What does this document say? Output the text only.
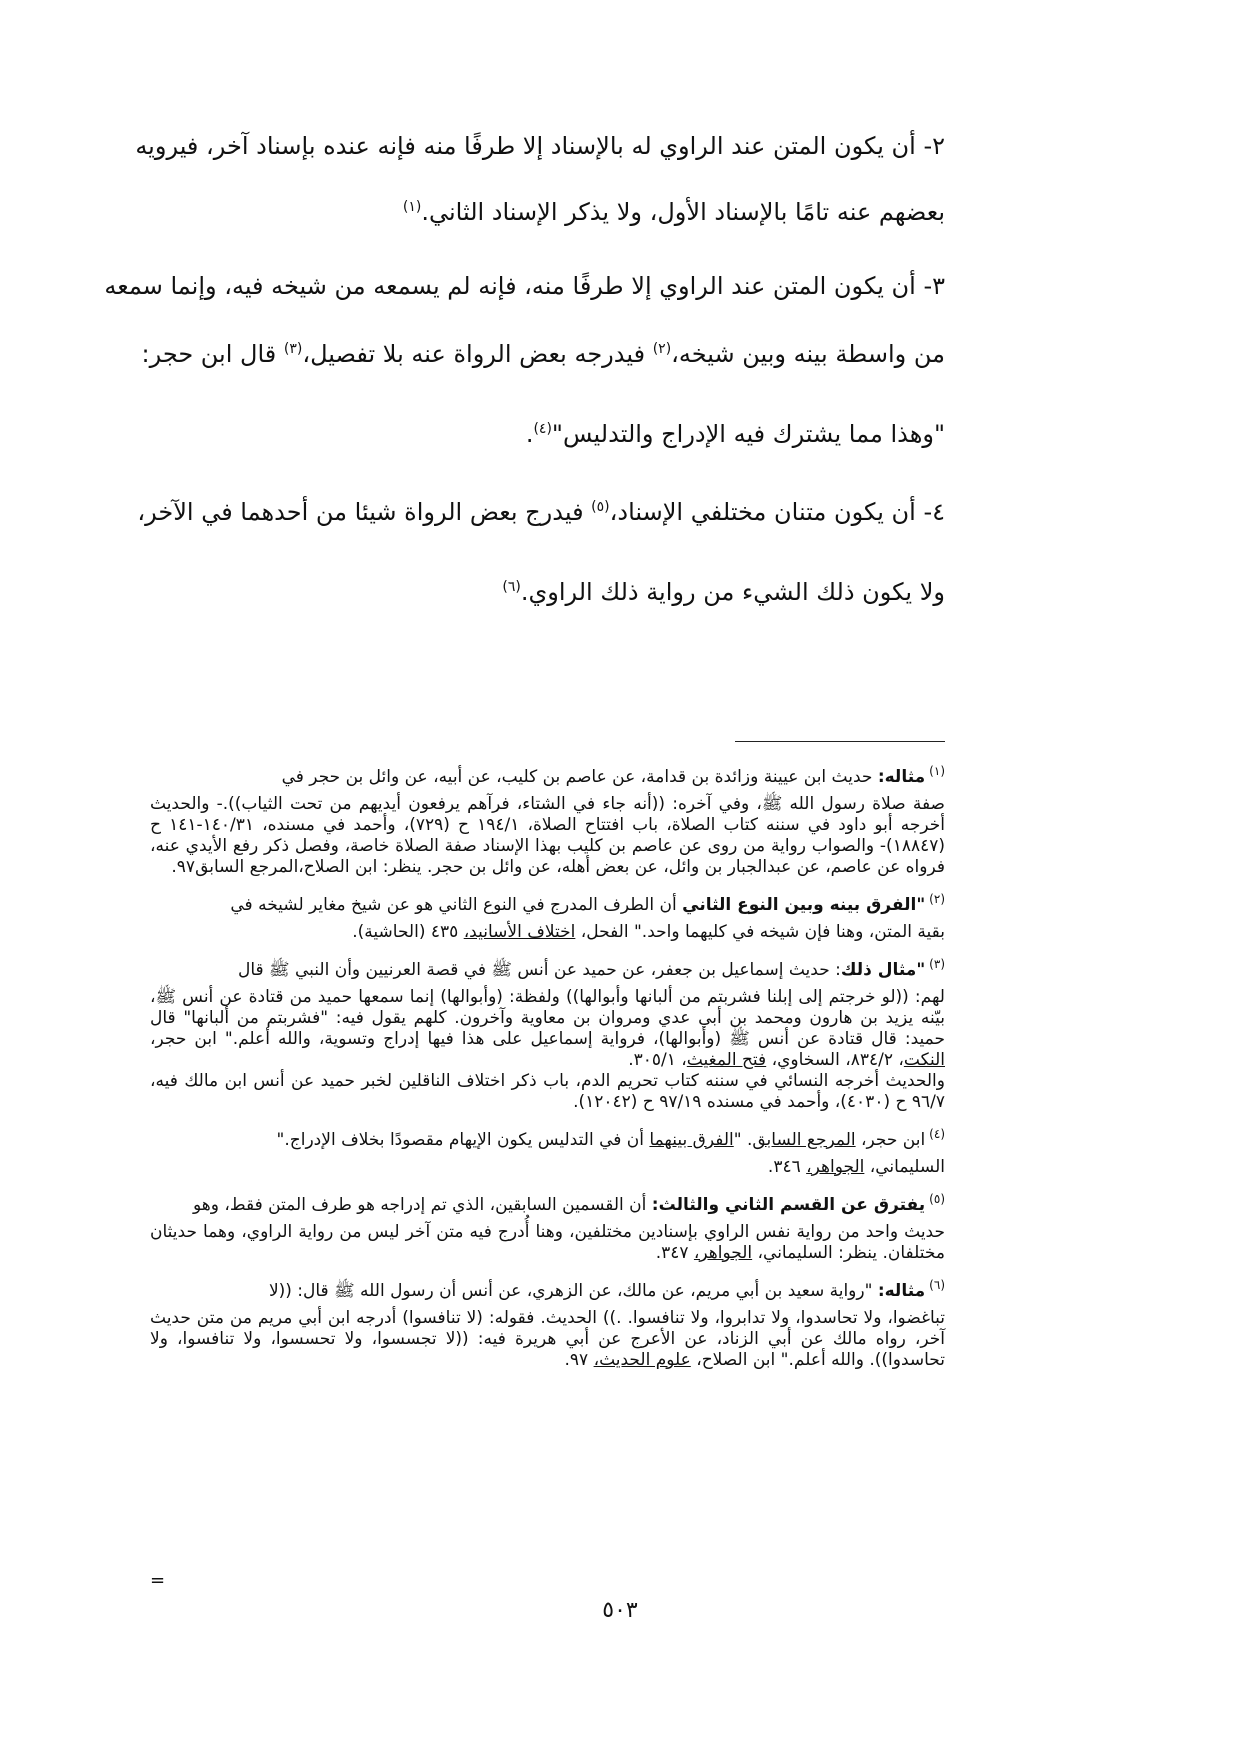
٢- أن يكون المتن عند الراوي له بالإسناد إلا طرفًا منه فإنه عنده بإسناد آخر، فيرويه
بعضهم عنه تامًا بالإسناد الأول، ولا يذكر الإسناد الثاني.$^{(١)}$
٣- أن يكون المتن عند الراوي إلا طرفًا منه، فإنه لم يسمعه من شيخه فيه، وإنما سمعه
من واسطة بينه وبين شيخه،$^{(٢)}$ فيدرجه بعض الرواة عنه بلا تفصيل،$^{(٣)}$ قال ابن حجر:
"وهذا مما يشترك فيه الإدراج والتدليس"$^{(٤)}$.
٤- أن يكون متنان مختلفي الإسناد،$^{(٥)}$ فيدرج بعض الرواة شيئا من أحدهما في الآخر،
ولا يكون ذلك الشيء من رواية ذلك الراوي.$^{(٦)}$

$^{(١)}$مثاله: حديث ابن عيينة وزائدة بن قدامة، عن عاصم بن كليب، عن أبيه، عن وائل بن حجر في

صفة صلاة رسول الله ﷺ، وفي آخره: ((أنه جاء في الشتاء، فرآهم يرفعون أيديهم من تحت الثياب)).- والحديث أخرجه أبو داود في سننه كتاب الصلاة، باب افتتاح الصلاة، ١٩٤/١ ح (٧٢٩)، وأحمد في مسنده، ١٤٠/٣١-١٤١ ح (١٨٨٤٧)- والصواب رواية من روى عن عاصم بن كليب بهذا الإسناد صفة الصلاة خاصة، وفصل ذكر رفع الأيدي عنه، فرواه عن عاصم، عن عبدالجبار بن وائل، عن بعض أهله، عن وائل بن حجر. ينظر: ابن الصلاح،المرجع السابق٩٧.

$^{(٢)}$"الفرق بينه وبين النوع الثاني أن الطرف المدرج في النوع الثاني هو عن شيخ مغاير لشيخه في

بقية المتن، وهنا فإن شيخه في كليهما واحد." الفحل، اختلاف الأسانيد، ٤٣٥ (الحاشية).

$^{(٣)}$"مثال ذلك: حديث إسماعيل بن جعفر، عن حميد عن أنس ﷺ في قصة العرنيين وأن النبي ﷺ قال

لهم: ((لو خرجتم إلى إبلنا فشربتم من ألبانها وأبوالها)) ولفظة: (وأبوالها) إنما سمعها حميد من قتادة عن أنس ﷺ، بيّنه يزيد بن هارون ومحمد بن أبي عدي ومروان بن معاوية وآخرون. كلهم يقول فيه: "فشربتم من ألبانها" قال حميد: قال قتادة عن أنس ﷺ (وأبوالها)، فرواية إسماعيل على هذا فيها إدراج وتسوية، والله أعلم." ابن حجر، النكت، ٨٣٤/٢، السخاوي، فتح المغيث، ٣٠٥/١.

والحديث أخرجه النسائي في سننه كتاب تحريم الدم، باب ذكر اختلاف الناقلين لخبر حميد عن أنس ابن مالك فيه، ٩٦/٧ ح (٤٠٣٠)، وأحمد في مسنده ٩٧/١٩ ح (١٢٠٤٢).

$^{(٤)}$ابن حجر، المرجع السابق. "الفرق بينهما أن في التدليس يكون الإيهام مقصودًا بخلاف الإدراج."

السليماني، الجواهر، ٣٤٦.

$^{(٥)}$يفترق عن القسم الثاني والثالث: أن القسمين السابقين، الذي تم إدراجه هو طرف المتن فقط، وهو

حديث واحد من رواية نفس الراوي بإسنادين مختلفين، وهنا أُدرج فيه متن آخر ليس من رواية الراوي، وهما حديثان مختلفان. ينظر: السليماني، الجواهر، ٣٤٧.

$^{(٦)}$مثاله: "رواية سعيد بن أبي مريم، عن مالك، عن الزهري، عن أنس أن رسول الله ﷺ قال: ((لا

تباغضوا، ولا تحاسدوا، ولا تدابروا، ولا تنافسوا. .)) الحديث. فقوله: (لا تنافسوا) أدرجه ابن أبي مريم من متن حديث آخر، رواه مالك عن أبي الزناد، عن الأعرج عن أبي هريرة فيه: ((لا تجسسوا، ولا تحسسوا، ولا تنافسوا، ولا تحاسدوا)). والله أعلم." ابن الصلاح، علوم الحديث، ٩٧.

=
٥٠٣
